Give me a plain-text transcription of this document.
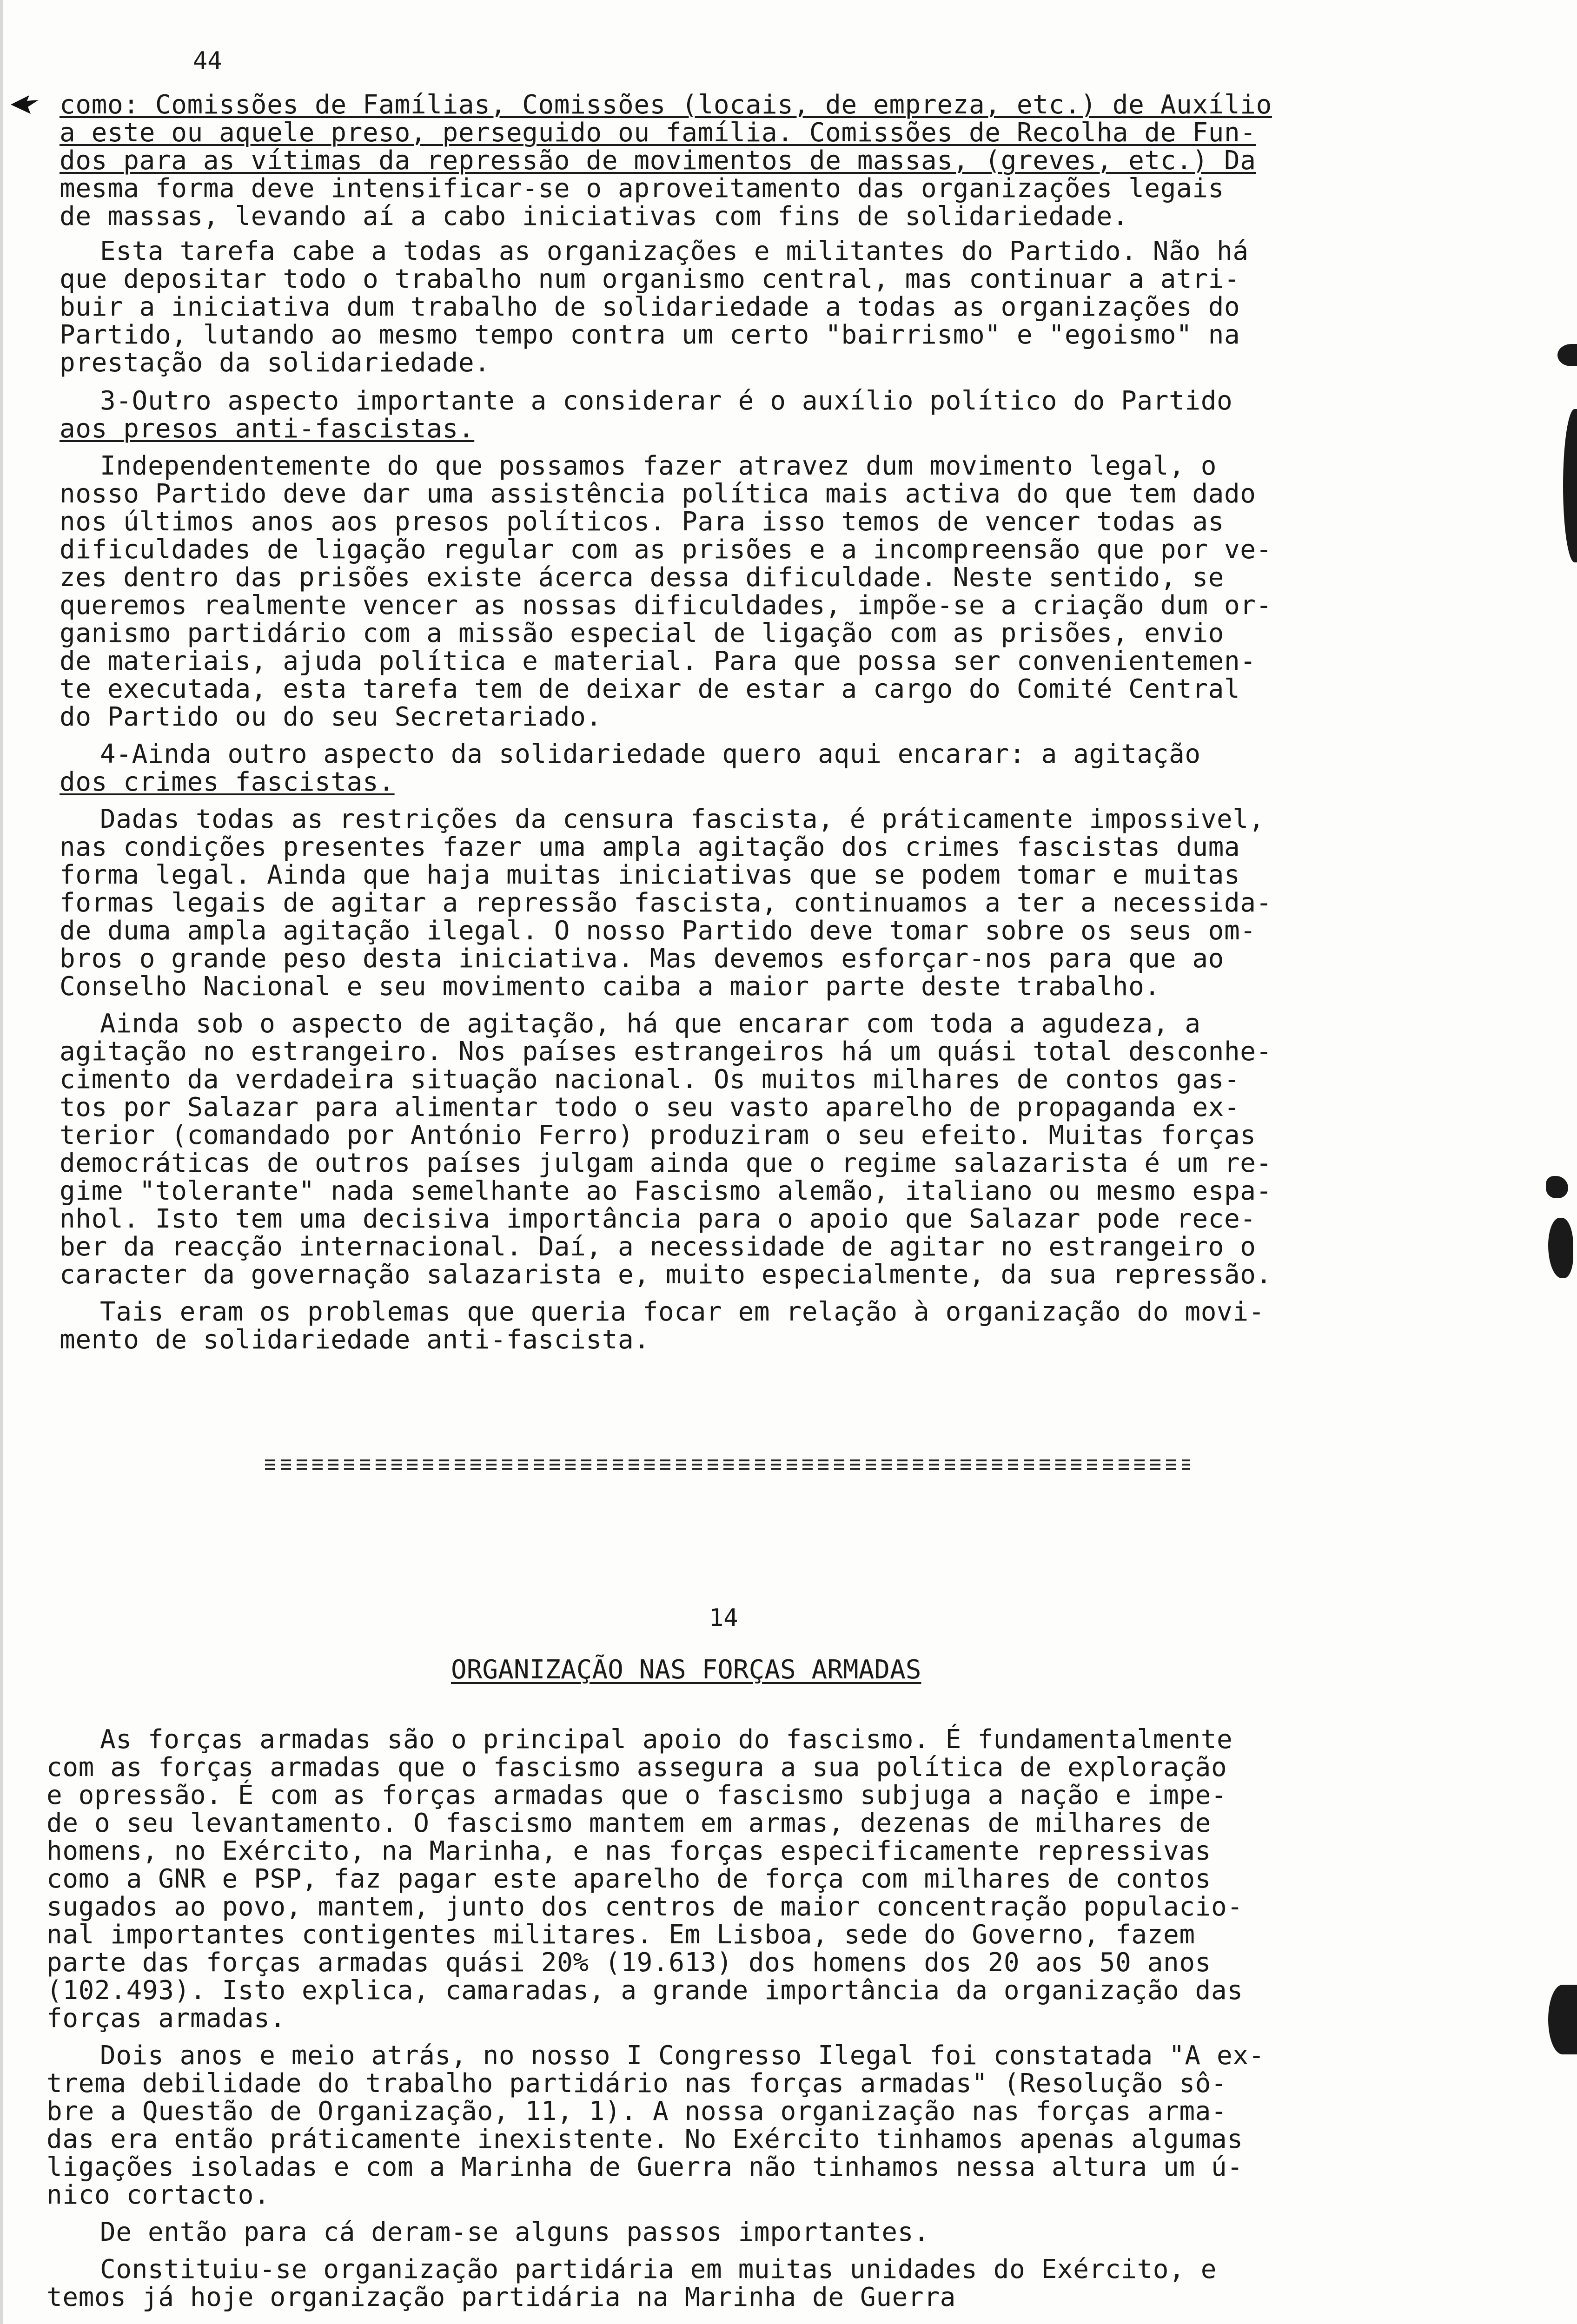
44
como: Comissões de Famílias, Comissões (locais, de empreza, etc.) de Auxílio
a este ou aquele preso, perseguido ou família. Comissões de Recolha de Fun-
dos para as vítimas da repressão de movimentos de massas, (greves, etc.) Da
mesma forma deve intensificar-se o aproveitamento das organizações legais
de massas, levando aí a cabo iniciativas com fins de solidariedade.
Esta tarefa cabe a todas as organizações e militantes do Partido. Não há
que depositar todo o trabalho num organismo central, mas continuar a atri-
buir a iniciativa dum trabalho de solidariedade a todas as organizações do
Partido, lutando ao mesmo tempo contra um certo "bairrismo" e "egoismo" na
prestação da solidariedade.
3-Outro aspecto importante a considerar é o auxílio político do Partido
aos presos anti-fascistas.
Independentemente do que possamos fazer atravez dum movimento legal, o
nosso Partido deve dar uma assistência política mais activa do que tem dado
nos últimos anos aos presos políticos. Para isso temos de vencer todas as
dificuldades de ligação regular com as prisões e a incompreensão que por ve-
zes dentro das prisões existe ácerca dessa dificuldade. Neste sentido, se
queremos realmente vencer as nossas dificuldades, impõe-se a criação dum or-
ganismo partidário com a missão especial de ligação com as prisões, envio
de materiais, ajuda política e material. Para que possa ser convenientemen-
te executada, esta tarefa tem de deixar de estar a cargo do Comité Central
do Partido ou do seu Secretariado.
4-Ainda outro aspecto da solidariedade quero aqui encarar: a agitação
dos crimes fascistas.
Dadas todas as restrições da censura fascista, é práticamente impossivel,
nas condições presentes fazer uma ampla agitação dos crimes fascistas duma
forma legal. Ainda que haja muitas iniciativas que se podem tomar e muitas
formas legais de agitar a repressão fascista, continuamos a ter a necessida-
de duma ampla agitação ilegal. O nosso Partido deve tomar sobre os seus om-
bros o grande peso desta iniciativa. Mas devemos esforçar-nos para que ao
Conselho Nacional e seu movimento caiba a maior parte deste trabalho.
Ainda sob o aspecto de agitação, há que encarar com toda a agudeza, a
agitação no estrangeiro. Nos países estrangeiros há um quási total desconhe-
cimento da verdadeira situação nacional. Os muitos milhares de contos gas-
tos por Salazar para alimentar todo o seu vasto aparelho de propaganda ex-
terior (comandado por António Ferro) produziram o seu efeito. Muitas forças
democráticas de outros países julgam ainda que o regime salazarista é um re-
gime "tolerante" nada semelhante ao Fascismo alemão, italiano ou mesmo espa-
nhol. Isto tem uma decisiva importância para o apoio que Salazar pode rece-
ber da reacção internacional. Daí, a necessidade de agitar no estrangeiro o
caracter da governação salazarista e, muito especialmente, da sua repressão.
Tais eram os problemas que queria focar em relação à organização do movi-
mento de solidariedade anti-fascista.
14
ORGANIZAÇÃO NAS FORÇAS ARMADAS
As forças armadas são o principal apoio do fascismo. É fundamentalmente
com as forças armadas que o fascismo assegura a sua política de exploração
e opressão. É com as forças armadas que o fascismo subjuga a nação e impe-
de o seu levantamento. O fascismo mantem em armas, dezenas de milhares de
homens, no Exército, na Marinha, e nas forças especificamente repressivas
como a GNR e PSP, faz pagar este aparelho de força com milhares de contos
sugados ao povo, mantem, junto dos centros de maior concentração populacio-
nal importantes contigentes militares. Em Lisboa, sede do Governo, fazem
parte das forças armadas quási 20% (19.613) dos homens dos 20 aos 50 anos
(102.493). Isto explica, camaradas, a grande importância da organização das
forças armadas.
Dois anos e meio atrás, no nosso I Congresso Ilegal foi constatada "A ex-
trema debilidade do trabalho partidário nas forças armadas" (Resolução sô-
bre a Questão de Organização, 11, 1). A nossa organização nas forças arma-
das era então práticamente inexistente. No Exército tinhamos apenas algumas
ligações isoladas e com a Marinha de Guerra não tinhamos nessa altura um ú-
nico cortacto.
De então para cá deram-se alguns passos importantes.
Constituiu-se organização partidária em muitas unidades do Exército, e
temos já hoje organização partidária na Marinha de Guerra
